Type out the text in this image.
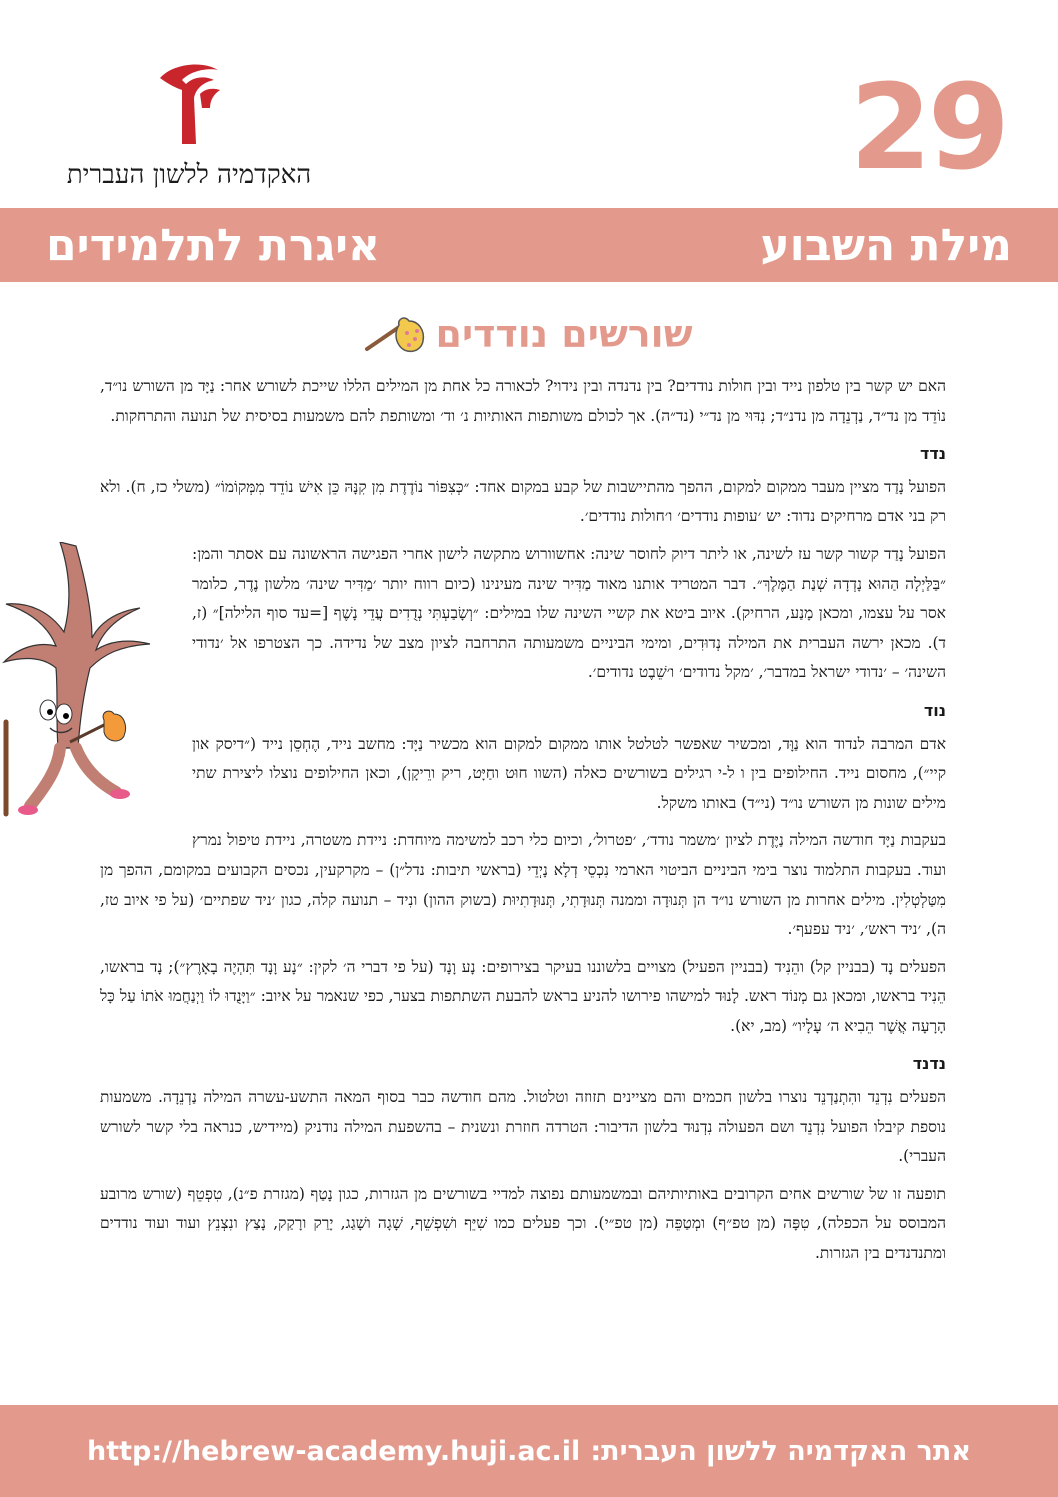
האקדמיה ללשון העברית	29
מילת השבוע
איגרת לתלמידים
שורשים נודדים

האם יש קשר בין טלפון נייד ובין חולות נודדים? בין נדנדה ובין נידוי? לכאורה כל אחת מן המילים הללו שייכת לשורש אחר: נַיָּד מן השורש נו״ד, נוֹדֵד מן נד״ד, נַדְנֵדָה מן נדנ״ד; נִדּוּי מן נד״י (נד״ה). אך לכולם משותפות האותיות נ׳ וד׳ ומשותפת להם משמעות בסיסית של תנועה והתרחקות.

נדד

הפועל נָדַד מציין מעבר ממקום למקום, ההפך מהתיישבות של קבע במקום אחד: ״כְּצִפּוֹר נוֹדֶדֶת מִן קִנָּהּ כֵּן אִישׁ נוֹדֵד מִמְּקוֹמוֹ״ (משלי כז, ח). ולא רק בני אדם מרחיקים נדוד: יש ׳עופות נודדים׳ ו׳חולות נודדים׳.

הפועל נָדַד קשור קשר עז לשינה, או ליתר דיוק לחוסר שינה: אחשוורוש מתקשה לישון אחרי הפגישה הראשונה עם אסתר והמן: ״בַּלַּיְלָה הַהוּא נָדְדָה שְׁנַת הַמֶּלֶךְ״. דבר המטריד אותנו מאוד מַדִּיר שינה מעינינו (כיום רווח יותר ׳מַדִּיר שינה׳ מלשון נֶדֶר, כלומר אסר על עצמו, ומכאן מָנַע, הרחיק). איוב ביטא את קשיי השינה שלו במילים: ״וְשָׂבַעְתִּי נְדֻדִים עֲדֵי נָשֶׁף [=עד סוף הלילה]״ (ז, ד). מכאן ירשה העברית את המילה נְדוּדִים, ומימי הביניים משמעותה התרחבה לציון מצב של נדידה. כך הצטרפו אל ׳נדודי השינה׳ – ׳נדודי ישראל במדבר׳, ׳מקל נדודים׳ ו׳שֵׁבֶט נדודים׳.

נוד

אדם המרבה לנדוד הוא נַוָּד, ומכשיר שאפשר לטלטל אותו ממקום למקום הוא מכשיר נַיָּד: מחשב נייד, הֶחְסֵן נייד (״דיסק און קיי״), מחסום נייד. החילופים בין ו ל-י רגילים בשורשים כאלה (השוו חוּט וחַיָּט, ריק ורֵיקָן), וכאן החילופים נוצלו ליצירת שתי מילים שונות מן השורש נו״ד (ני״ד) באותו משקל.

בעקבות נַיָּד חודשה המילה נַיֶּדֶת לציון ׳משמר נודד׳, ׳פטרול׳, וכיום כלי רכב למשימה מיוחדת: ניידת משטרה, ניידת טיפול נמרץ ועוד. בעקבות התלמוד נוצר בימי הביניים הביטוי הארמי נִכְסֵי דְלָא נָיְדֵי (בראשי תיבות: נדל״ן) – מקרקעין, נכסים הקבועים במקומם, ההפך מן מִטַּלְטְלִין. מילים אחרות מן השורש נו״ד הן תְּנוּדָה וממנה תְּנוּדָתִי, תְּנוּדָתִיוּת (בשוק ההון) ונִיד – תנועה קלה, כגון ׳ניד שפתיים׳ (על פי איוב טז, ה), ׳ניד ראש׳, ׳ניד עפעף׳.

הפעלים נָד (בבניין קל) והֵנִיד (בבניין הפעיל) מצויים בלשוננו בעיקר בצירופים: נָע וָנָד (על פי דברי ה׳ לקין: ״נָע וָנָד תִּהְיֶה בָאָרֶץ״); נָד בראשו, הֵנִיד בראשו, ומכאן גם מְנוֹד ראש. לָנוּד למישהו פירושו להניע בראש להבעת השתתפות בצער, כפי שנאמר על איוב: ״וַיָּנֻדוּ לוֹ וַיְנַחֲמוּ אֹתוֹ עַל כָּל הָרָעָה אֲשֶׁר הֵבִיא ה׳ עָלָיו״ (מב, יא).

נדנד

הפעלים נִדְנֵד והִתְנַדְנֵד נוצרו בלשון חכמים והם מציינים תזוזה וטלטול. מהם חודשה כבר בסוף המאה התשע-עשרה המילה נַדְנֵדָה. משמעות נוספת קיבלו הפועל נִדְנֵד ושם הפעולה נִדְנוּד בלשון הדיבור: הטרדה חוזרת ונשנית – בהשפעת המילה נודניק (מיידיש, כנראה בלי קשר לשורש העברי).

תופעה זו של שורשים אחים הקרובים באותיותיהם ובמשמעותם נפוצה למדיי בשורשים מן הגזרות, כגון נָטַף (מגזרת פ״נ), טִפְטֵף (שורש מרובע המבוסס על הכפלה), טִפָּה (מן טפ״ף) ומְטַפֵּה (מן טפ״י). וכך פעלים כמו שִׁיֵּף ושִׁפְשֵׁף, שָׁגָה ושָׁגַג, יָרַק ורָקַק, נָצַץ ונִצְנֵץ ועוד ועוד נודדים ומתנדנדים בין הגזרות.

אתר האקדמיה ללשון העברית:
http://hebrew-academy.huji.ac.il
